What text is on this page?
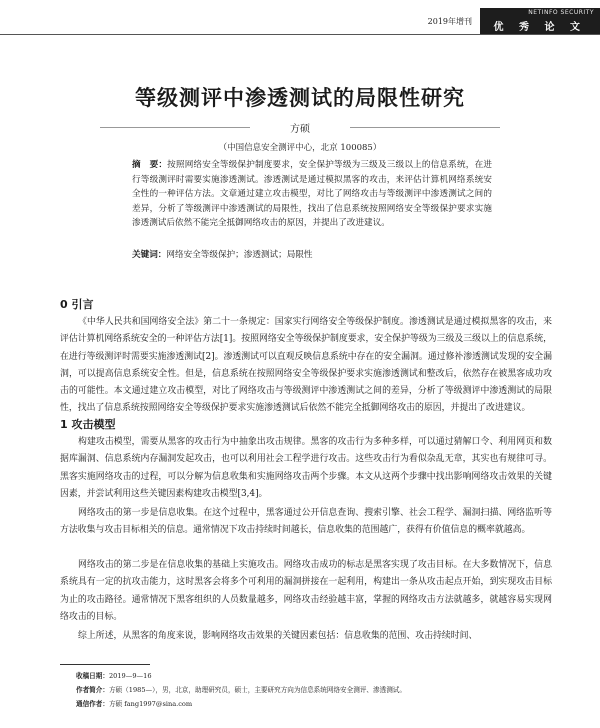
2019年增刊
NETINFO SECURITY
优 秀 论 文
等级测评中渗透测试的局限性研究
方硕
（中国信息安全测评中心，北京 100085）
摘　要：按照网络安全等级保护制度要求，安全保护等级为三级及三级以上的信息系统，在进行等级测评时需要实施渗透测试。渗透测试是通过模拟黑客的攻击，来评估计算机网络系统安全性的一种评估方法。文章通过建立攻击模型，对比了网络攻击与等级测评中渗透测试之间的差异，分析了等级测评中渗透测试的局限性，找出了信息系统按照网络安全等级保护要求实施渗透测试后依然不能完全抵御网络攻击的原因，并提出了改进建议。
关键词：网络安全等级保护；渗透测试；局限性
0 引言

《中华人民共和国网络安全法》第二十一条规定：国家实行网络安全等级保护制度。渗透测试是通过模拟黑客的攻击，来评估计算机网络系统安全的一种评估方法[1]。按照网络安全等级保护制度要求，安全保护等级为三级及三级以上的信息系统，在进行等级测评时需要实施渗透测试[2]。渗透测试可以直观反映信息系统中存在的安全漏洞。通过修补渗透测试发现的安全漏洞，可以提高信息系统安全性。但是，信息系统在按照网络安全等级保护要求实施渗透测试和整改后，依然存在被黑客成功攻击的可能性。本文通过建立攻击模型，对比了网络攻击与等级测评中渗透测试之间的差异，分析了等级测评中渗透测试的局限性，找出了信息系统按照网络安全等级保护要求实施渗透测试后依然不能完全抵御网络攻击的原因，并提出了改进建议。

1 攻击模型

构建攻击模型，需要从黑客的攻击行为中抽象出攻击规律。黑客的攻击行为多种多样，可以通过猜解口令、利用网页和数据库漏洞、信息系统内存漏洞发起攻击，也可以利用社会工程学进行攻击。这些攻击行为看似杂乱无章，其实也有规律可寻。黑客实施网络攻击的过程，可以分解为信息收集和实施网络攻击两个步骤。本文从这两个步骤中找出影响网络攻击效果的关键因素，并尝试利用这些关键因素构建攻击模型[3,4]。

网络攻击的第一步是信息收集。在这个过程中，黑客通过公开信息查询、搜索引擎、社会工程学、漏洞扫描、网络监听等方法收集与攻击目标相关的信息。通常情况下攻击持续时间越长，信息收集的范围越广，获得有价值信息的概率就越高。

网络攻击的第二步是在信息收集的基础上实施攻击。网络攻击成功的标志是黑客实现了攻击目标。在大多数情况下，信息系统具有一定的抗攻击能力，这时黑客会将多个可利用的漏洞拼接在一起利用，构建出一条从攻击起点开始，到实现攻击目标为止的攻击路径。通常情况下黑客组织的人员数量越多，网络攻击经验越丰富，掌握的网络攻击方法就越多，就越容易实现网络攻击的目标。

综上所述，从黑客的角度来说，影响网络攻击效果的关键因素包括：信息收集的范围、攻击持续时间、

收稿日期：2019—9—16
作者简介：方硕（1985—），男，北京，助理研究员，硕士，主要研究方向为信息系统网络安全测评、渗透测试。
通信作者：方硕 fang1997@sina.com
